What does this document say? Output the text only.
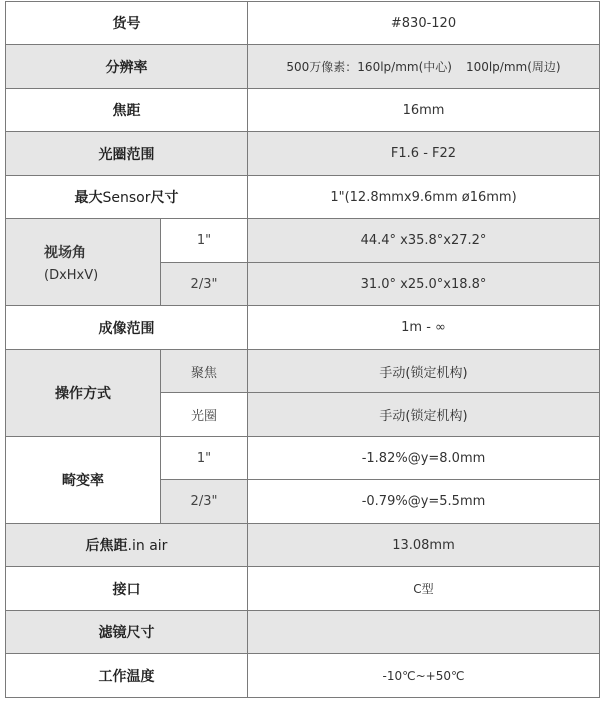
货号		#830-120
分辨率		500万像素：160lp/mm(中心) 100lp/mm(周边)
焦距		16mm
光圈范围		F1.6 - F22
最大Sensor尺寸		1"(12.8mmx9.6mm ø16mm)

视场角
(DxHxV)	1"	44.4° x35.8°x27.2°
	2/3"	31.0° x25.0°x18.8°
成像范围		1m - ∞
操作方式	聚焦	手动(锁定机构)
	光圈	手动(锁定机构)
畸变率	1"	-1.82%@y=8.0mm
	2/3"	-0.79%@y=5.5mm
后焦距.in air		13.08mm
接口		C型
滤镜尺寸		
工作温度		-10℃~+50℃
